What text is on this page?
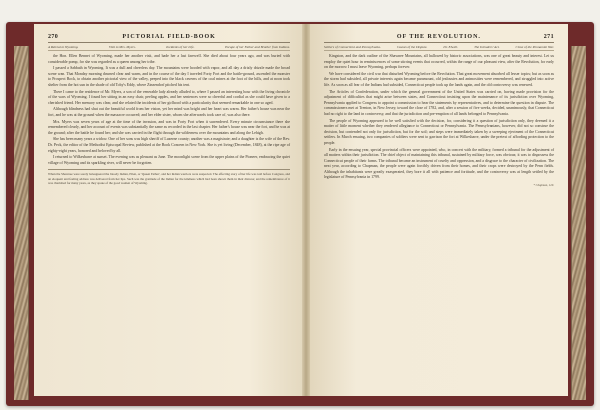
270	PICTORIAL FIELD-BOOK
A Retreat to Wyoming.	Visit to Mrs. Myers.	Incidents of her Life.	Escape of her Father and Brother from Indians.

the Hon. Ellen Bennet of Wyoming, made her another visit, and bade her a last farewell. She died about four years ago, and was buried with considerable pomp, for she was regarded as a queen among her tribe.

I passed a Sabbath in Wyoming. It was a dull and cheerless day. The mountains were hooded with vapor, and all day a drizly drizzle made the broad scene wan. That Monday morning dawned clear and warm, and in the course of the day I traveled Forty Fort and the battle-ground, ascended the monster to Prospect Rock, to obtain another pictorial view of the valley, peeped into the black caverns of the coal mines at the foot of the hills, and at noon took shelter from the hot sun in the shade of old Toby's Eddy, where Zinzendorf pitched his tent.

There I came to the residence of Mr. Myers, a son of the venerable lady already alluded to, where I passed an interesting hour with the living chronicle of the wars of Wyoming. I found her sitting in an easy chair, peeling apples, and her sentences were so cheerful and cordial as she could have given to a cherished friend. Her memory was clear, and she related the incidents of her girlhood with a particularity that seemed remarkable in one so aged.

Although blindness had shut out the beautiful world from her vision, yet her mind was bright and her heart was warm. Her father's house was near the fort, and he was at the ground when the massacre occurred; and her elder sister, whom she afterwards took care of, was also there.

Mrs. Myers was seven years of age at the time of the invasion, and was in Forty Fort when it surrendered. Every minute circumstance there she remembered clearly, and her account of events was substantially the same as recorded in the last chapter. Her father's house was near the fort, and he was at the ground; after the battle he found her; and she was carried in the flight through the wilderness over the mountains and along the Lehigh.

She has been many years a widow. One of her sons was high sheriff of Luzerne county; another was a magistrate; and a daughter is the wife of the Rev. Dr. Peck, the editor of the Methodist Episcopal Review, published at the Book Concern in New York. She is yet living (December, 1848), at the ripe age of eighty-eight years, honored and beloved by all.

I returned to Wilkesbarre at sunset. The evening was as pleasant as June. The moonlight scene from the upper plains of the Pioneer, embracing the quiet village of Wyoming and its sparkling river, will never be forgotten.

When the Shawnee were sorely beleaguered the bloody Indian, Ellen, or 'Queen Esther', and her Indian warriors were suspected. The effecting story of her life was told before Congress, and an eloquent and feeling address was delivered from her lips. Such was the gratitude of the Indian for the kindness which had been shown them in their distress; and the remembrance of it was cherished for many years, as they spoke of the good women of Wyoming.
OF THE REVOLUTION.	271
Settlers of Connecticut and Pennsylvania.	Causes of the Dispute.	Dr. Elwell.	The Intruders' Act.	Close of the Pennamite War.

Kingston, and the dark outline of the Shawnee Mountains, all hallowed by historic associations, was one of great beauty and interest. Let us employ the quiet hour in reminiscences of some stirring events that occurred, within the range of our pleasant view, after the Revolution, for early on the morrow I must leave Wyoming, perhaps forever.

We have considered the civil war that disturbed Wyoming before the Revolution. That great movement absorbed all lesser topics; but as soon as the storm had subsided, all private interests again became paramount, old jealousies and animosities were remembered, and struggled into active life. As soon as all fear of the Indians had subsided, Connecticut people took up the lands again, and the old controversy was renewed.

The Articles of Confederation, under which the general government of the United States was carried on, having made provision for the adjustment of difficulties that might arise between states, and Connecticut insisting upon the maintenance of its jurisdiction over Wyoming, Pennsylvania applied to Congress to appoint a commission to hear the statements by representatives, and to determine the question in dispute. The commissioners met at Trenton, in New Jersey, toward the close of 1782, and, after a session of five weeks, decided, unanimously, that Connecticut had no right to the land in controversy, and that the jurisdiction and pre-emption of all lands belonged to Pennsylvania.

The people of Wyoming appeared to be well satisfied with the decision, for, considering it a question of jurisdiction only, they deemed it a matter of little moment whether they rendered allegiance to Connecticut or Pennsylvania. The Pennsylvanians, however, did not so construe the decision, but contended not only for jurisdiction, but for the soil; and steps were immediately taken by a sweeping ejectment of the Connecticut settlers. In March ensuing, two companies of soldiers were sent to garrison the fort at Wilkesbarre, under the pretext of affording protection to the people.

Early in the ensuing year, special provincial officers were appointed, who, in concert with the military, formed a tribunal for the adjustment of all matters within their jurisdiction. The chief object of maintaining this tribunal, sustained by military force, was obvious; it was to dispossess the Connecticut people of their farms. The tribunal became an instrument of cruelty and oppression, and a disgrace to the character of civilization. The next year, according to Chapman, the people were again forcibly driven from their homes, and their crops were destroyed by the Penn fields. Although the inhabitants were greatly exasperated, they bore it all with patience and fortitude, and the controversy was at length settled by the legislature of Pennsylvania in 1799.

* Chapman, 129.
